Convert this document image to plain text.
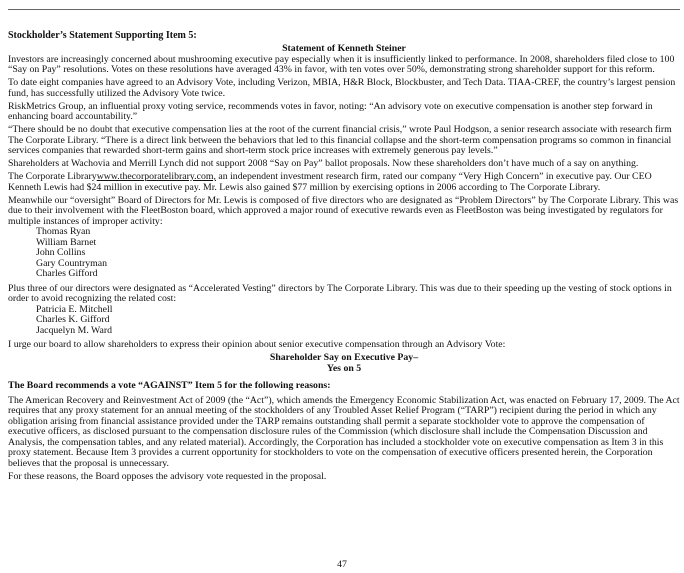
Stockholder’s Statement Supporting Item 5:

Statement of Kenneth Steiner

Investors are increasingly concerned about mushrooming executive pay especially when it is insufficiently linked to performance. In 2008, shareholders filed close to 100 “Say on Pay” resolutions. Votes on these resolutions have averaged 43% in favor, with ten votes over 50%, demonstrating strong shareholder support for this reform.

To date eight companies have agreed to an Advisory Vote, including Verizon, MBIA, H&R Block, Blockbuster, and Tech Data. TIAA-CREF, the country’s largest pension fund, has successfully utilized the Advisory Vote twice.

RiskMetrics Group, an influential proxy voting service, recommends votes in favor, noting: “An advisory vote on executive compensation is another step forward in enhancing board accountability.”

“There should be no doubt that executive compensation lies at the root of the current financial crisis,” wrote Paul Hodgson, a senior research associate with research firm The Corporate Library. “There is a direct link between the behaviors that led to this financial collapse and the short-term compensation programs so common in financial services companies that rewarded short-term gains and short-term stock price increases with extremely generous pay levels.”

Shareholders at Wachovia and Merrill Lynch did not support 2008 “Say on Pay” ballot proposals. Now these shareholders don’t have much of a say on anything.

The Corporate Librarywww.thecorporatelibrary.com, an independent investment research firm, rated our company “Very High Concern” in executive pay. Our CEO Kenneth Lewis had $24 million in executive pay. Mr. Lewis also gained $77 million by exercising options in 2006 according to The Corporate Library.

Meanwhile our “oversight” Board of Directors for Mr. Lewis is composed of five directors who are designated as “Problem Directors” by The Corporate Library. This was due to their involvement with the FleetBoston board, which approved a major round of executive rewards even as FleetBoston was being investigated by regulators for multiple instances of improper activity:

Thomas Ryan
William Barnet
John Collins
Gary Countryman
Charles Gifford

Plus three of our directors were designated as “Accelerated Vesting” directors by The Corporate Library. This was due to their speeding up the vesting of stock options in order to avoid recognizing the related cost:

Patricia E. Mitchell
Charles K. Gifford
Jacquelyn M. Ward

I urge our board to allow shareholders to express their opinion about senior executive compensation through an Advisory Vote:

Shareholder Say on Executive Pay–

Yes on 5

The Board recommends a vote “AGAINST” Item 5 for the following reasons:

The American Recovery and Reinvestment Act of 2009 (the “Act”), which amends the Emergency Economic Stabilization Act, was enacted on February 17, 2009. The Act requires that any proxy statement for an annual meeting of the stockholders of any Troubled Asset Relief Program (“TARP”) recipient during the period in which any obligation arising from financial assistance provided under the TARP remains outstanding shall permit a separate stockholder vote to approve the compensation of executive officers, as disclosed pursuant to the compensation disclosure rules of the Commission (which disclosure shall include the Compensation Discussion and Analysis, the compensation tables, and any related material). Accordingly, the Corporation has included a stockholder vote on executive compensation as Item 3 in this proxy statement. Because Item 3 provides a current opportunity for stockholders to vote on the compensation of executive officers presented herein, the Corporation believes that the proposal is unnecessary.

For these reasons, the Board opposes the advisory vote requested in the proposal.

47
